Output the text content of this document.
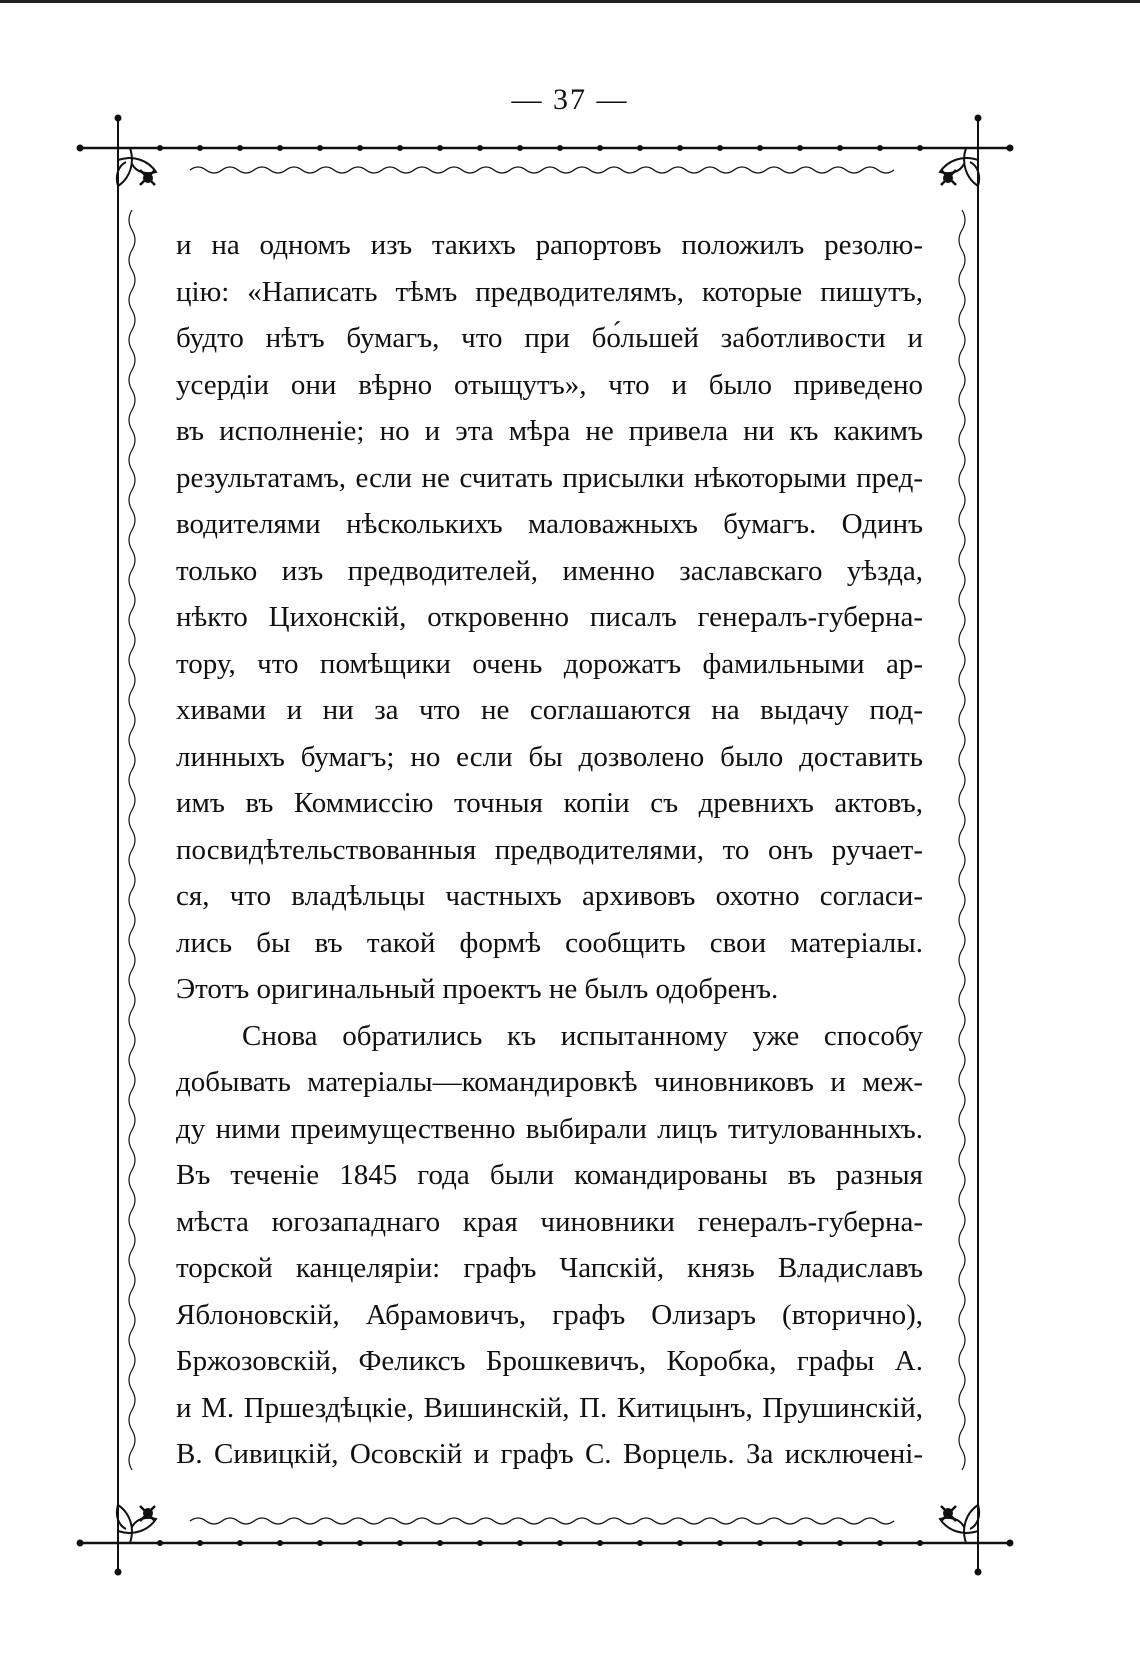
— 37 —
и на одномъ изъ такихъ рапортовъ положилъ резолю-
цію: «Написать тѣмъ предводителямъ, которые пишутъ,
будто нѣтъ бумагъ, что при бо́льшей заботливости и
усердіи они вѣрно отыщутъ», что и было приведено
въ исполненіе; но и эта мѣра не привела ни къ какимъ
результатамъ, если не считать присылки нѣкоторыми пред-
водителями нѣсколькихъ маловажныхъ бумагъ. Одинъ
только изъ предводителей, именно заславскаго уѣзда,
нѣкто Цихонскій, откровенно писалъ генералъ-губерна-
тору, что помѣщики очень дорожатъ фамильными ар-
хивами и ни за что не соглашаются на выдачу под-
линныхъ бумагъ; но если бы дозволено было доставить
имъ въ Коммиссію точныя копіи съ древнихъ актовъ,
посвидѣтельствованныя предводителями, то онъ ручает-
ся, что владѣльцы частныхъ архивовъ охотно согласи-
лись бы въ такой формѣ сообщить свои матеріалы.
Этотъ оригинальный проектъ не былъ одобренъ.
Снова обратились къ испытанному уже способу
добывать матеріалы—командировкѣ чиновниковъ и меж-
ду ними преимущественно выбирали лицъ титулованныхъ.
Въ теченіе 1845 года были командированы въ разныя
мѣста югозападнаго края чиновники генералъ-губерна-
торской канцеляріи: графъ Чапскій, князь Владиславъ
Яблоновскій, Абрамовичъ, графъ Олизаръ (вторично),
Бржозовскій, Феликсъ Брошкевичъ, Коробка, графы А.
и М. Пршездѣцкіе, Вишинскій, П. Китицынъ, Прушинскій,
В. Сивицкій, Осовскій и графъ С. Ворцель. За исключені-
